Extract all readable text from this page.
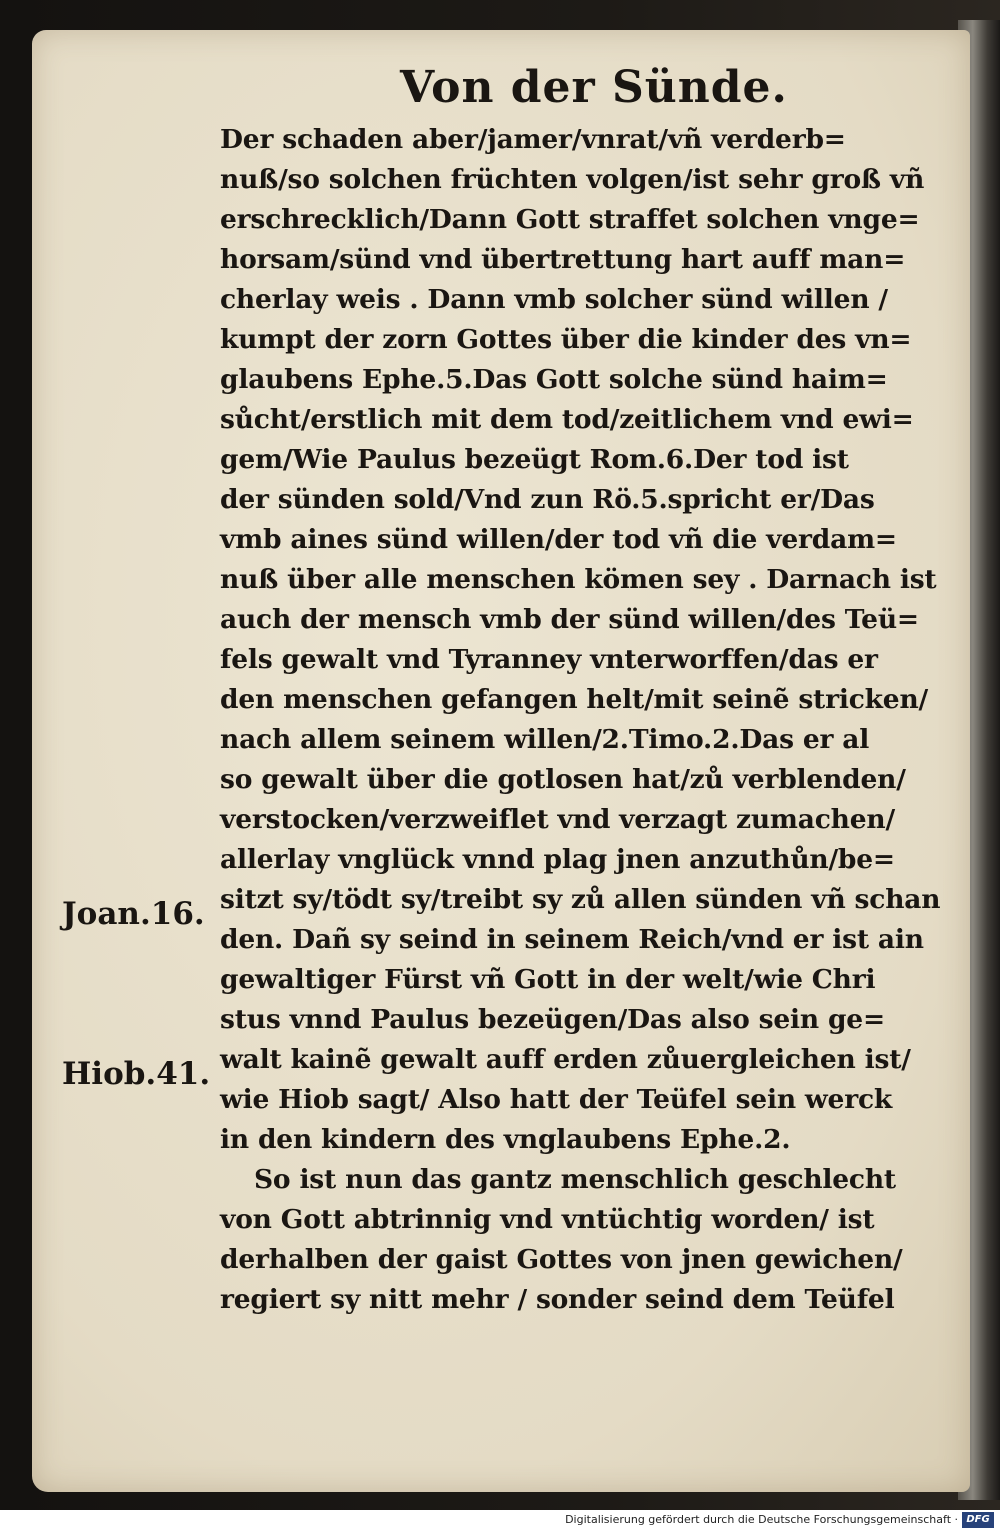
Von der Sünde.
Der schaden aber/jamer/vnrat/vñ verderb=
nuß/so solchen früchten volgen/ist sehr groß vñ
erschrecklich/Dann Gott straffet solchen vnge=
horsam/sünd vnd übertrettung hart auff man=
cherlay weis . Dann vmb solcher sünd willen /
kumpt der zorn Gottes über die kinder des vn=
glaubens Ephe.5.Das Gott solche sünd haim=
sůcht/erstlich mit dem tod/zeitlichem vnd ewi=
gem/Wie Paulus bezeügt Rom.6.Der tod ist
der sünden sold/Vnd zun Rö.5.spricht er/Das
vmb aines sünd willen/der tod vñ die verdam=
nuß über alle menschen kömen sey . Darnach ist
auch der mensch vmb der sünd willen/des Teü=
fels gewalt vnd Tyranney vnterworffen/das er
den menschen gefangen helt/mit seinẽ stricken/
nach allem seinem willen/2.Timo.2.Das er al
so gewalt über die gotlosen hat/zů verblenden/
verstocken/verzweiflet vnd verzagt zumachen/
allerlay vnglück vnnd plag jnen anzuthůn/be=
sitzt sy/tödt sy/treibt sy zů allen sünden vñ schan
den. Dañ sy seind in seinem Reich/vnd er ist ain
gewaltiger Fürst vñ Gott in der welt/wie Chri
stus vnnd Paulus bezeügen/Das also sein ge=
walt kainẽ gewalt auff erden zůuergleichen ist/
wie Hiob sagt/ Also hatt der Teüfel sein werck
in den kindern des vnglaubens Ephe.2.
So ist nun das gantz menschlich geschlecht
von Gott abtrinnig vnd vntüchtig worden/ ist
derhalben der gaist Gottes von jnen gewichen/
regiert sy nitt mehr / sonder seind dem Teüfel
Joan.16.
Hiob.41.
Digitalisierung gefördert durch die Deutsche Forschungsgemeinschaft · DFG
